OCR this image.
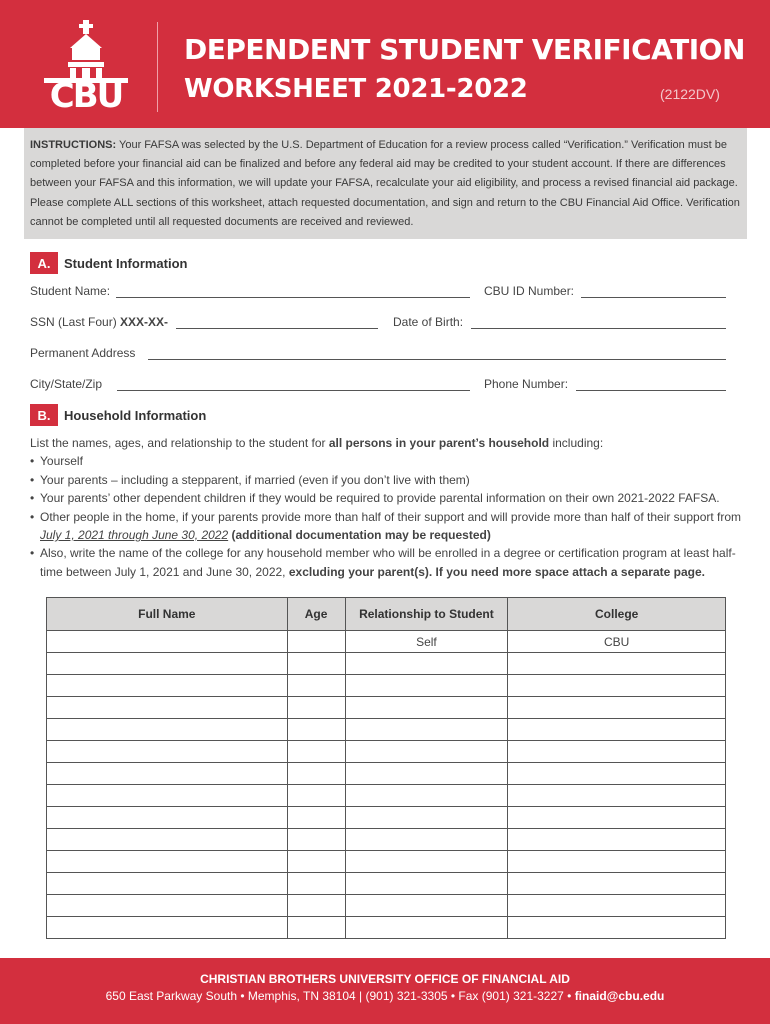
CBU
DEPENDENT STUDENT VERIFICATION
WORKSHEET 2021-2022	(2122DV)
INSTRUCTIONS: Your FAFSA was selected by the U.S. Department of Education for a review process called “Verification.” Verification must be completed before your financial aid can be finalized and before any federal aid may be credited to your student account. If there are differences between your FAFSA and this information, we will update your FAFSA, recalculate your aid eligibility, and process a revised financial aid package. Please complete ALL sections of this worksheet, attach requested documentation, and sign and return to the CBU Financial Aid Office. Verification cannot be completed until all requested documents are received and reviewed.
A.	Student Information
Student Name:	CBU ID Number:
SSN (Last Four) XXX-XX-	Date of Birth:
Permanent Address
City/State/Zip	Phone Number:
B.	Household Information
List the names, ages, and relationship to the student for all persons in your parent’s household including:
• Yourself
• Your parents – including a stepparent, if married (even if you don’t live with them)
• Your parents’ other dependent children if they would be required to provide parental information on their own 2021-2022 FAFSA.
• Other people in the home, if your parents provide more than half of their support and will provide more than half of their support from July 1, 2021 through June 30, 2022 (additional documentation may be requested)
• Also, write the name of the college for any household member who will be enrolled in a degree or certification program at least half-time between July 1, 2021 and June 30, 2022, excluding your parent(s). If you need more space attach a separate page.
Full Name	Age	Relationship to Student	College
		Self	CBU

CHRISTIAN BROTHERS UNIVERSITY OFFICE OF FINANCIAL AID
650 East Parkway South • Memphis, TN 38104 | (901) 321-3305 • Fax (901) 321-3227 • finaid@cbu.edu
